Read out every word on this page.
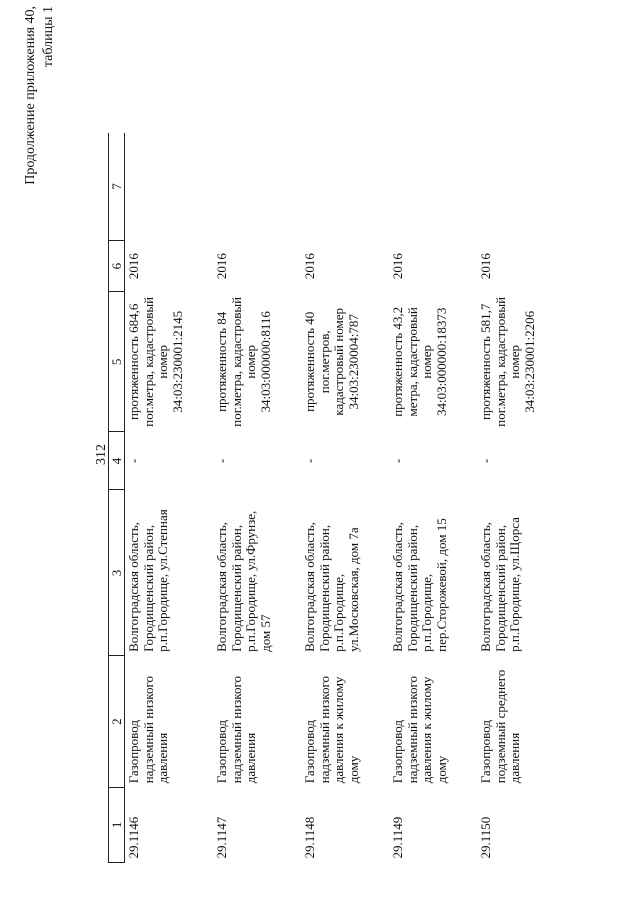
312
Продолжение приложения 40, таблицы 1
1	2	3	4	5	6	7
29.1146	Газопровод надземный низкого давления	Волгоградская область, Городищенский район, р.п.Городище, ул.Степная	-	протяженность 684,6 пог.метра, кадастровый номер 34:03:230001:2145	2016	
29.1147	Газопровод надземный низкого давления	Волгоградская область, Городищенский район, р.п.Городище, ул.Фрунзе, дом 57	-	протяженность 84 пог.метра, кадастровый номер 34:03:000000:8116	2016	
29.1148	Газопровод надземный низкого давления к жилому дому	Волгоградская область, Городищенский район, р.п.Городище, ул.Московская, дом 7а	-	протяженность 40 пог.метров, кадастровый номер 34:03:230004:787	2016	
29.1149	Газопровод надземный низкого давления к жилому дому	Волгоградская область, Городищенский район, р.п.Городище, пер.Сторожевой, дом 15	-	протяженность 43,2 метра, кадастровый номер 34:03:000000:18373	2016	
29.1150	Газопровод подземный среднего давления	Волгоградская область, Городищенский район, р.п.Городище, ул.Щорса	-	протяженность 581,7 пог.метра, кадастровый номер 34:03:230001:2206	2016	
